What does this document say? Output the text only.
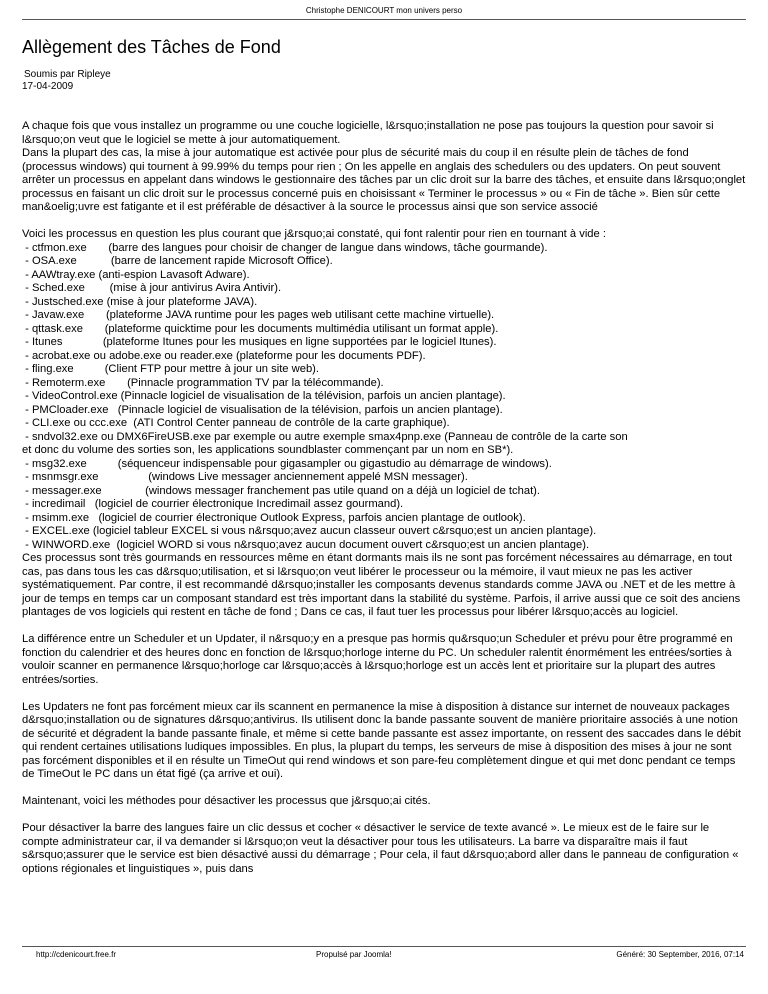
Christophe DENICOURT mon univers perso
Allègement des Tâches de Fond
Soumis par Ripleye
17-04-2009

A chaque fois que vous installez un programme ou une couche logicielle, l&rsquo;installation ne pose pas toujours la question pour savoir si l&rsquo;on veut que le logiciel se mette à jour automatiquement.
Dans la plupart des cas, la mise à jour automatique est activée pour plus de sécurité mais du coup il en résulte plein de tâches de fond (processus windows) qui tournent à 99.99% du temps pour rien ; On les appelle en anglais des schedulers ou des updaters. On peut souvent arrêter un processus en appelant dans windows le gestionnaire des tâches par un clic droit sur la barre des tâches, et ensuite dans l&rsquo;onglet processus en faisant un clic droit sur le processus concerné puis en choisissant « Terminer le processus » ou « Fin de tâche ». Bien sûr cette man&oelig;uvre est fatigante et il est préférable de désactiver à la source le processus ainsi que son service associé

Voici les processus en question les plus courant que j&rsquo;ai constaté, qui font ralentir pour rien en tournant à vide :
- ctfmon.exe       (barre des langues pour choisir de changer de langue dans windows, tâche gourmande).
- OSA.exe           (barre de lancement rapide Microsoft Office).
- AAWtray.exe (anti-espion Lavasoft Adware).
- Sched.exe        (mise à jour antivirus Avira Antivir).
- Justsched.exe (mise à jour plateforme JAVA).
- Javaw.exe       (plateforme JAVA runtime pour les pages web utilisant cette machine virtuelle).
- qttask.exe       (plateforme quicktime pour les documents multimédia utilisant un format apple).
- Itunes             (plateforme Itunes pour les musiques en ligne supportées par le logiciel Itunes).
- acrobat.exe ou adobe.exe ou reader.exe (plateforme pour les documents PDF).
- fling.exe          (Client FTP pour mettre à jour un site web).
- Remoterm.exe       (Pinnacle programmation TV par la télécommande).
- VideoControl.exe (Pinnacle logiciel de visualisation de la télévision, parfois un ancien plantage).
- PMCloader.exe   (Pinnacle logiciel de visualisation de la télévision, parfois un ancien plantage).
- CLI.exe ou ccc.exe  (ATI Control Center panneau de contrôle de la carte graphique).
- sndvol32.exe ou DMX6FireUSB.exe par exemple ou autre exemple smax4pnp.exe (Panneau de contrôle de la carte son
et donc du volume des sorties son, les applications soundblaster commençant par un nom en SB*).
- msg32.exe          (séquenceur indispensable pour gigasampler ou gigastudio au démarrage de windows).
- msnmsgr.exe                (windows Live messager anciennement appelé MSN messager).
- messager.exe              (windows messager franchement pas utile quand on a déjà un logiciel de tchat).
- incredimail   (logiciel de courrier électronique Incredimail assez gourmand).
- msimm.exe   (logiciel de courrier électronique Outlook Express, parfois ancien plantage de outlook).
- EXCEL.exe (logiciel tableur EXCEL si vous n&rsquo;avez aucun classeur ouvert c&rsquo;est un ancien plantage).
- WINWORD.exe  (logiciel WORD si vous n&rsquo;avez aucun document ouvert c&rsquo;est un ancien plantage).
Ces processus sont très gourmands en ressources même en étant dormants mais ils ne sont pas forcément nécessaires au démarrage, en tout cas, pas dans tous les cas d&rsquo;utilisation, et si l&rsquo;on veut libérer le processeur ou la mémoire, il vaut mieux ne pas les activer systématiquement. Par contre, il est recommandé d&rsquo;installer les composants devenus standards comme JAVA ou .NET et de les mettre à jour de temps en temps car un composant standard est très important dans la stabilité du système. Parfois, il arrive aussi que ce soit des anciens plantages de vos logiciels qui restent en tâche de fond ; Dans ce cas, il faut tuer les processus pour libérer l&rsquo;accès au logiciel.

La différence entre un Scheduler et un Updater, il n&rsquo;y en a presque pas hormis qu&rsquo;un Scheduler et prévu pour être programmé en fonction du calendrier et des heures donc en fonction de l&rsquo;horloge interne du PC. Un scheduler ralentit énormément les entrées/sorties à vouloir scanner en permanence l&rsquo;horloge car l&rsquo;accès à l&rsquo;horloge est un accès lent et prioritaire sur la plupart des autres entrées/sorties.

Les Updaters ne font pas forcément mieux car ils scannent en permanence la mise à disposition à distance sur internet de nouveaux packages d&rsquo;installation ou de signatures d&rsquo;antivirus. Ils utilisent donc la bande passante souvent de manière prioritaire associés à une notion de sécurité et dégradent la bande passante finale, et même si cette bande passante est assez importante, on ressent des saccades dans le débit qui rendent certaines utilisations ludiques impossibles. En plus, la plupart du temps, les serveurs de mise à disposition des mises à jour ne sont pas forcément disponibles et il en résulte un TimeOut qui rend windows et son pare-feu complètement dingue et qui met donc pendant ce temps de TimeOut le PC dans un état figé (ça arrive et oui).

Maintenant, voici les méthodes pour désactiver les processus que j&rsquo;ai cités.

Pour désactiver la barre des langues faire un clic dessus et cocher « désactiver le service de texte avancé ». Le mieux est de le faire sur le compte administrateur car, il va demander si l&rsquo;on veut la désactiver pour tous les utilisateurs. La barre va disparaître mais il faut s&rsquo;assurer que le service est bien désactivé aussi du démarrage ; Pour cela, il faut d&rsquo;abord aller dans le panneau de configuration « options régionales et linguistiques », puis dans

http://cdenicourt.free.fr	Propulsé par Joomla!	Généré: 30 September, 2016, 07:14
